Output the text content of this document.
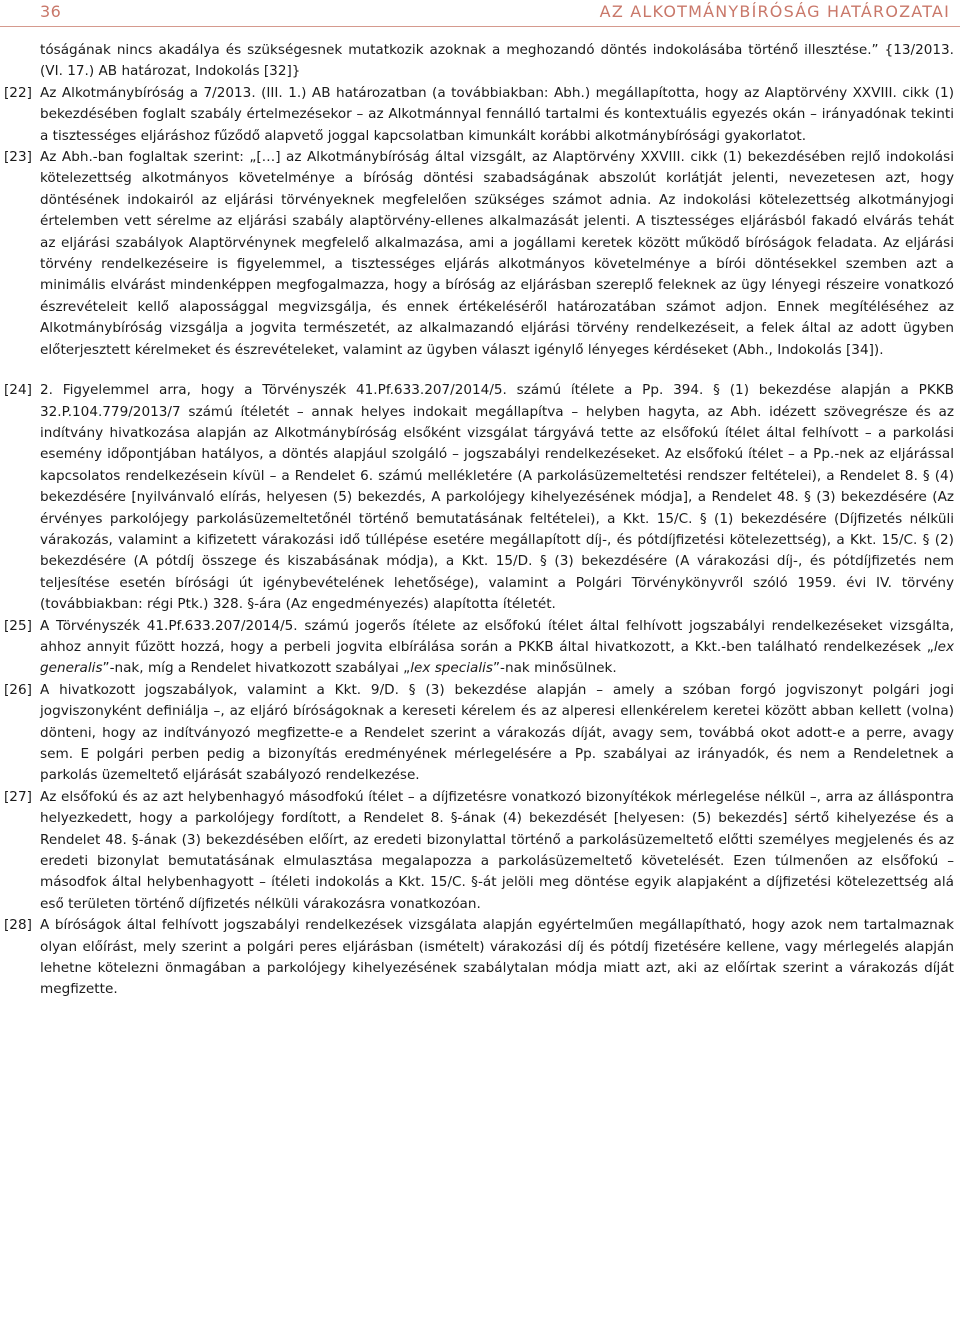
36	AZ ALKOTMÁNYBÍRÓSÁG HATÁROZATAI
tóságának nincs akadálya és szükségesnek mutatkozik azoknak a meghozandó döntés indokolásába történő illesztése.” {13/2013. (VI. 17.) AB határozat, Indokolás [32]}
[22] Az Alkotmánybíróság a 7/2013. (III. 1.) AB határozatban (a továbbiakban: Abh.) megállapította, hogy az Alaptörvény XXVIII. cikk (1) bekezdésében foglalt szabály értelmezésekor – az Alkotmánnyal fennálló tartalmi és kontextuális egyezés okán – irányadónak tekinti a tisztességes eljáráshoz fűződő alapvető joggal kapcsolatban kimunkált korábbi alkotmánybírósági gyakorlatot.
[23] Az Abh.-ban foglaltak szerint: „[…] az Alkotmánybíróság által vizsgált, az Alaptörvény XXVIII. cikk (1) bekezdésében rejlő indokolási kötelezettség alkotmányos követelménye a bíróság döntési szabadságának abszolút korlátját jelenti, nevezetesen azt, hogy döntésének indokairól az eljárási törvényeknek megfelelően szükséges számot adnia. Az indokolási kötelezettség alkotmányjogi értelemben vett sérelme az eljárási szabály alaptörvény-ellenes alkalmazását jelenti. A tisztességes eljárásból fakadó elvárás tehát az eljárási szabályok Alaptörvénynek megfelelő alkalmazása, ami a jogállami keretek között működő bíróságok feladata. Az eljárási törvény rendelkezéseire is figyelemmel, a tisztességes eljárás alkotmányos követelménye a bírói döntésekkel szemben azt a minimális elvárást mindenképpen megfogalmazza, hogy a bíróság az eljárásban szereplő feleknek az ügy lényegi részeire vonatkozó észrevételeit kellő alapossággal megvizsgálja, és ennek értékeléséről határozatában számot adjon. Ennek megítéléséhez az Alkotmánybíróság vizsgálja a jogvita természetét, az alkalmazandó eljárási törvény rendelkezéseit, a felek által az adott ügyben előterjesztett kérelmeket és észrevételeket, valamint az ügyben választ igénylő lényeges kérdéseket (Abh., Indokolás [34]).
[24] 2. Figyelemmel arra, hogy a Törvényszék 41.Pf.633.207/2014/5. számú ítélete a Pp. 394. § (1) bekezdése alapján a PKKB 32.P.104.779/2013/7 számú ítéletét – annak helyes indokait megállapítva – helyben hagyta, az Abh. idézett szövegrésze és az indítvány hivatkozása alapján az Alkotmánybíróság elsőként vizsgálat tárgyává tette az elsőfokú ítélet által felhívott – a parkolási esemény időpontjában hatályos, a döntés alapjául szolgáló – jogszabályi rendelkezéseket. Az elsőfokú ítélet – a Pp.-nek az eljárással kapcsolatos rendelkezésein kívül – a Rendelet 6. számú mellékletére (A parkolásüzemeltetési rendszer feltételei), a Rendelet 8. § (4) bekezdésére [nyilvánvaló elírás, helyesen (5) bekezdés, A parkolójegy kihelyezésének módja], a Rendelet 48. § (3) bekezdésére (Az érvényes parkolójegy parkolásüzemeltetőnél történő bemutatásának feltételei), a Kkt. 15/C. § (1) bekezdésére (Díjfizetés nélküli várakozás, valamint a kifizetett várakozási idő túllépése esetére megállapított díj-, és pótdíjfizetési kötelezettség), a Kkt. 15/C. § (2) bekezdésére (A pótdíj összege és kiszabásának módja), a Kkt. 15/D. § (3) bekezdésére (A várakozási díj-, és pótdíjfizetés nem teljesítése esetén bírósági út igénybevételének lehetősége), valamint a Polgári Törvénykönyvről szóló 1959. évi IV. törvény (továbbiakban: régi Ptk.) 328. §-ára (Az engedményezés) alapította ítéletét.
[25] A Törvényszék 41.Pf.633.207/2014/5. számú jogerős ítélete az elsőfokú ítélet által felhívott jogszabályi rendelkezéseket vizsgálta, ahhoz annyit fűzött hozzá, hogy a perbeli jogvita elbírálása során a PKKB által hivatkozott, a Kkt.-ben található rendelkezések „lex generalis”-nak, míg a Rendelet hivatkozott szabályai „lex specialis”-nak minősülnek.
[26] A hivatkozott jogszabályok, valamint a Kkt. 9/D. § (3) bekezdése alapján – amely a szóban forgó jogviszonyt polgári jogi jogviszonyként definiálja –, az eljáró bíróságoknak a kereseti kérelem és az alperesi ellenkérelem keretei között abban kellett (volna) dönteni, hogy az indítványozó megfizette-e a Rendelet szerint a várakozás díját, avagy sem, továbbá okot adott-e a perre, avagy sem. E polgári perben pedig a bizonyítás eredményének mérlegelésére a Pp. szabályai az irányadók, és nem a Rendeletnek a parkolás üzemeltető eljárását szabályozó rendelkezése.
[27] Az elsőfokú és az azt helybenhagyó másodfokú ítélet – a díjfizetésre vonatkozó bizonyítékok mérlegelése nélkül –, arra az álláspontra helyezkedett, hogy a parkolójegy fordított, a Rendelet 8. §-ának (4) bekezdését [helyesen: (5) bekezdés] sértő kihelyezése és a Rendelet 48. §-ának (3) bekezdésében előírt, az eredeti bizonylattal történő a parkolásüzemeltető előtti személyes megjelenés és az eredeti bizonylat bemutatásának elmulasztása megalapozza a parkolásüzemeltető követelését. Ezen túlmenően az elsőfokú – másodfok által helybenhagyott – ítéleti indokolás a Kkt. 15/C. §-át jelöli meg döntése egyik alapjaként a díjfizetési kötelezettség alá eső területen történő díjfizetés nélküli várakozásra vonatkozóan.
[28] A bíróságok által felhívott jogszabályi rendelkezések vizsgálata alapján egyértelműen megállapítható, hogy azok nem tartalmaznak olyan előírást, mely szerint a polgári peres eljárásban (ismételt) várakozási díj és pótdíj fizetésére kellene, vagy mérlegelés alapján lehetne kötelezni önmagában a parkolójegy kihelyezésének szabálytalan módja miatt azt, aki az előírtak szerint a várakozás díját megfizette.
